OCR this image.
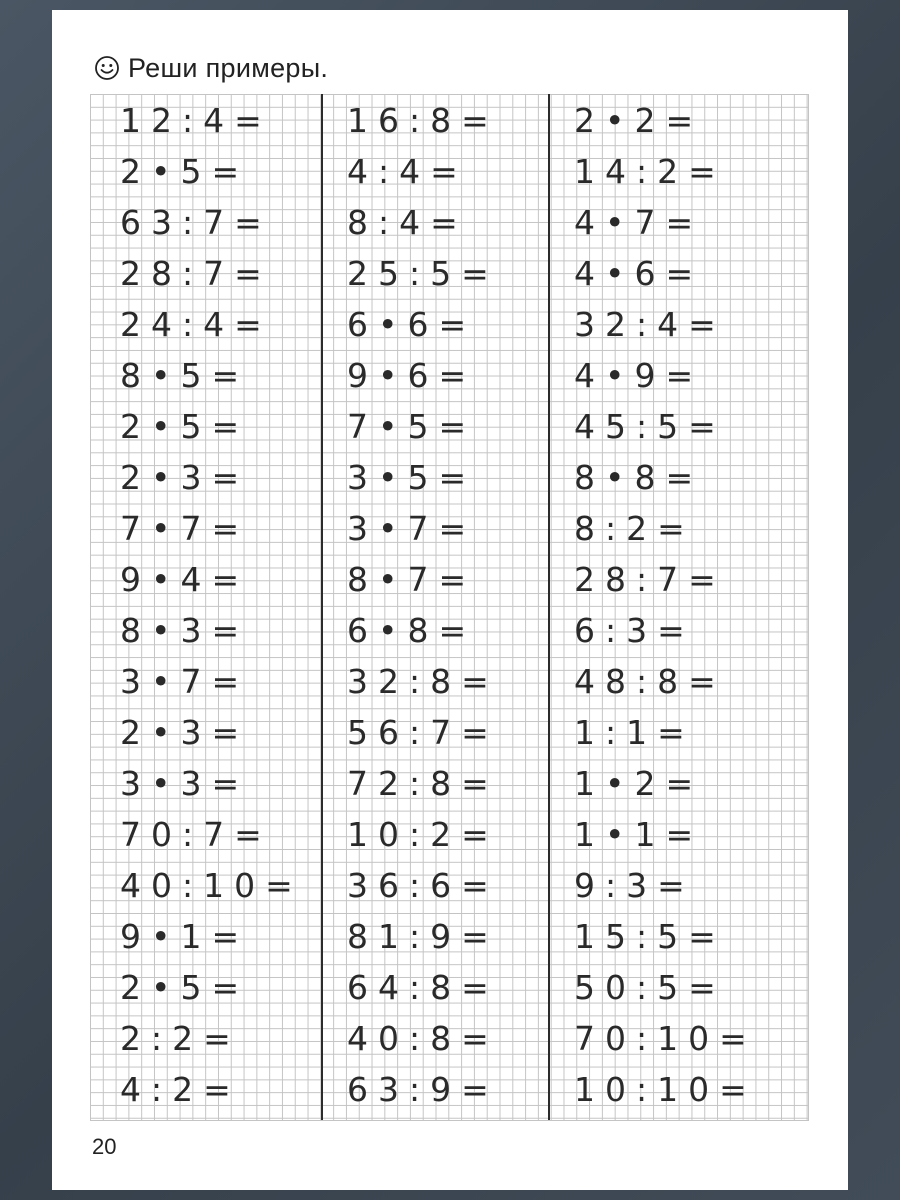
Реши примеры.
12:4=
2•5=
63:7=
28:7=
24:4=
8•5=
2•5=
2•3=
7•7=
9•4=
8•3=
3•7=
2•3=
3•3=
70:7=
40:10=
9•1=
2•5=
2:2=
4:2=
16:8=
4:4=
8:4=
25:5=
6•6=
9•6=
7•5=
3•5=
3•7=
8•7=
6•8=
32:8=
56:7=
72:8=
10:2=
36:6=
81:9=
64:8=
40:8=
63:9=
2•2=
14:2=
4•7=
4•6=
32:4=
4•9=
45:5=
8•8=
8:2=
28:7=
6:3=
48:8=
1:1=
1•2=
1•1=
9:3=
15:5=
50:5=
70:10=
10:10=
20
